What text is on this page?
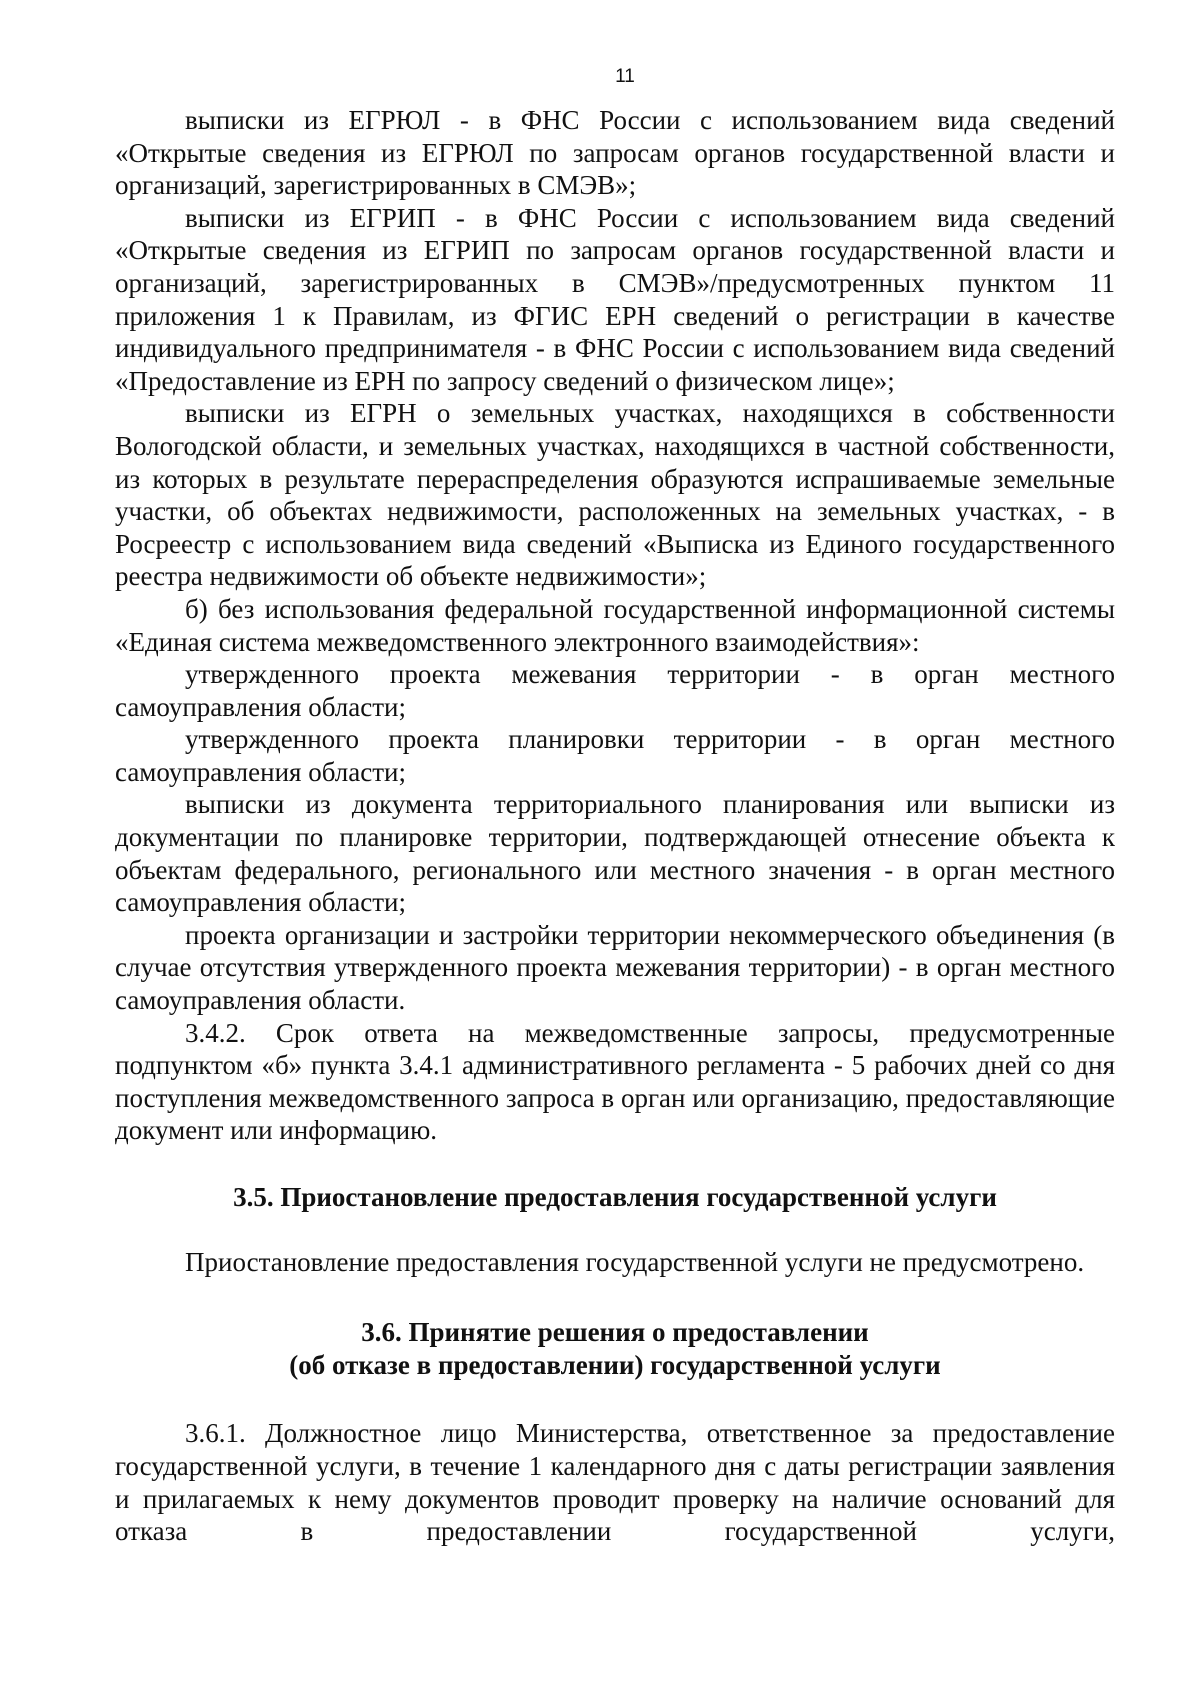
11

выписки из ЕГРЮЛ - в ФНС России с использованием вида сведений «Открытые сведения из ЕГРЮЛ по запросам органов государственной власти и организаций, зарегистрированных в СМЭВ»;

выписки из ЕГРИП - в ФНС России с использованием вида сведений «Открытые сведения из ЕГРИП по запросам органов государственной власти и организаций, зарегистрированных в СМЭВ»/предусмотренных пунктом 11 приложения 1 к Правилам, из ФГИС ЕРН сведений о регистрации в качестве индивидуального предпринимателя - в ФНС России с использованием вида сведений «Предоставление из ЕРН по запросу сведений о физическом лице»;

выписки из ЕГРН о земельных участках, находящихся в собственности Вологодской области, и земельных участках, находящихся в частной собственности, из которых в результате перераспределения образуются испрашиваемые земельные участки, об объектах недвижимости, расположенных на земельных участках, - в Росреестр с использованием вида сведений «Выписка из Единого государственного реестра недвижимости об объекте недвижимости»;

б) без использования федеральной государственной информационной системы «Единая система межведомственного электронного взаимодействия»:

утвержденного проекта межевания территории - в орган местного самоуправления области;

утвержденного проекта планировки территории - в орган местного самоуправления области;

выписки из документа территориального планирования или выписки из документации по планировке территории, подтверждающей отнесение объекта к объектам федерального, регионального или местного значения - в орган местного самоуправления области;

проекта организации и застройки территории некоммерческого объединения (в случае отсутствия утвержденного проекта межевания территории) - в орган местного самоуправления области.

3.4.2. Срок ответа на межведомственные запросы, предусмотренные подпунктом «б» пункта 3.4.1 административного регламента - 5 рабочих дней со дня поступления межведомственного запроса в орган или организацию, предоставляющие документ или информацию.

3.5. Приостановление предоставления государственной услуги

Приостановление предоставления государственной услуги не предусмотрено.

3.6. Принятие решения о предоставлении
(об отказе в предоставлении) государственной услуги

3.6.1. Должностное лицо Министерства, ответственное за предоставление государственной услуги, в течение 1 календарного дня с даты регистрации заявления и прилагаемых к нему документов проводит проверку на наличие оснований для отказа в предоставлении государственной услуги,
